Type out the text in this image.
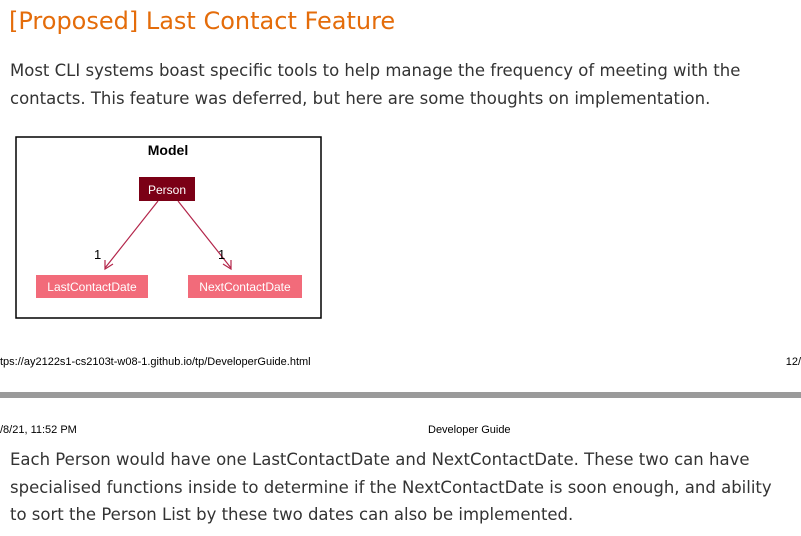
[Proposed] Last Contact Feature

Most CLI systems boast specific tools to help manage the frequency of meeting with the contacts. This feature was deferred, but here are some thoughts on implementation.

Model
1	1
Person
LastContactDate	NextContactDate
tps://ay2122s1-cs2103t-w08-1.github.io/tp/DeveloperGuide.html	12/
/8/21, 11:52 PM	Developer Guide

Each Person would have one LastContactDate and NextContactDate. These two can have specialised functions inside to determine if the NextContactDate is soon enough, and ability to sort the Person List by these two dates can also be implemented.
